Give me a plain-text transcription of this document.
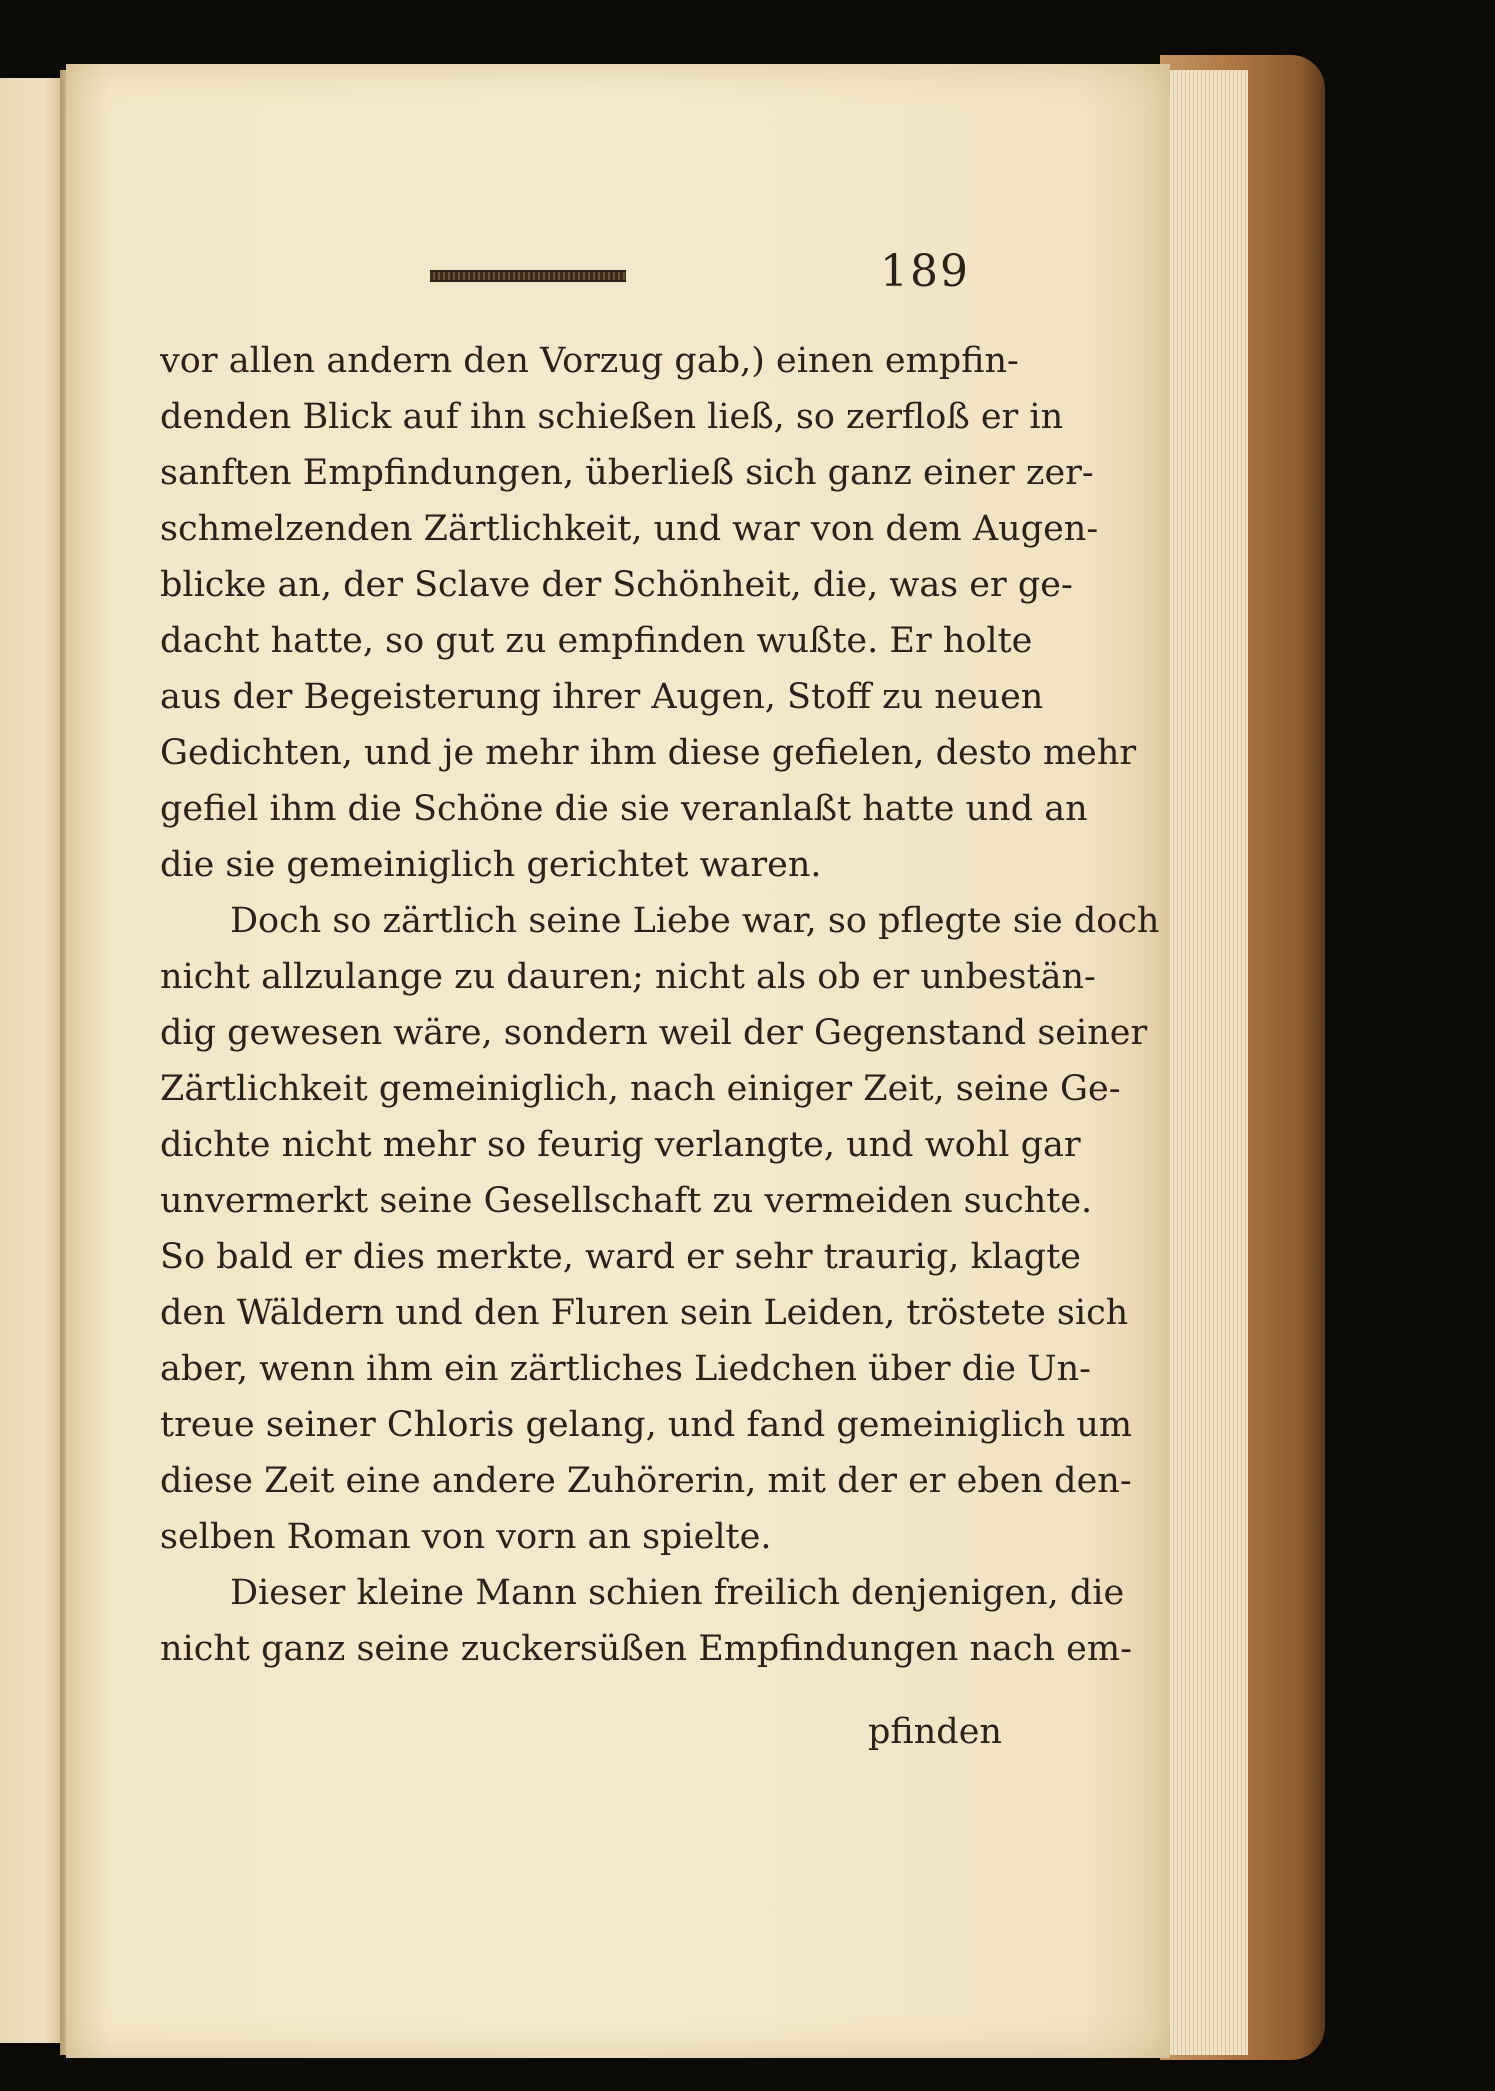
189
vor allen andern den Vorzug gab,) einen empfin-
denden Blick auf ihn schießen ließ, so zerfloß er in
sanften Empfindungen, überließ sich ganz einer zer-
schmelzenden Zärtlichkeit, und war von dem Augen-
blicke an, der Sclave der Schönheit, die, was er ge-
dacht hatte, so gut zu empfinden wußte. Er holte
aus der Begeisterung ihrer Augen, Stoff zu neuen
Gedichten, und je mehr ihm diese gefielen, desto mehr
gefiel ihm die Schöne die sie veranlaßt hatte und an
die sie gemeiniglich gerichtet waren.
Doch so zärtlich seine Liebe war, so pflegte sie doch
nicht allzulange zu dauren; nicht als ob er unbestän-
dig gewesen wäre, sondern weil der Gegenstand seiner
Zärtlichkeit gemeiniglich, nach einiger Zeit, seine Ge-
dichte nicht mehr so feurig verlangte, und wohl gar
unvermerkt seine Gesellschaft zu vermeiden suchte.
So bald er dies merkte, ward er sehr traurig, klagte
den Wäldern und den Fluren sein Leiden, tröstete sich
aber, wenn ihm ein zärtliches Liedchen über die Un-
treue seiner Chloris gelang, und fand gemeiniglich um
diese Zeit eine andere Zuhörerin, mit der er eben den-
selben Roman von vorn an spielte.
Dieser kleine Mann schien freilich denjenigen, die
nicht ganz seine zuckersüßen Empfindungen nach em-
pfinden
